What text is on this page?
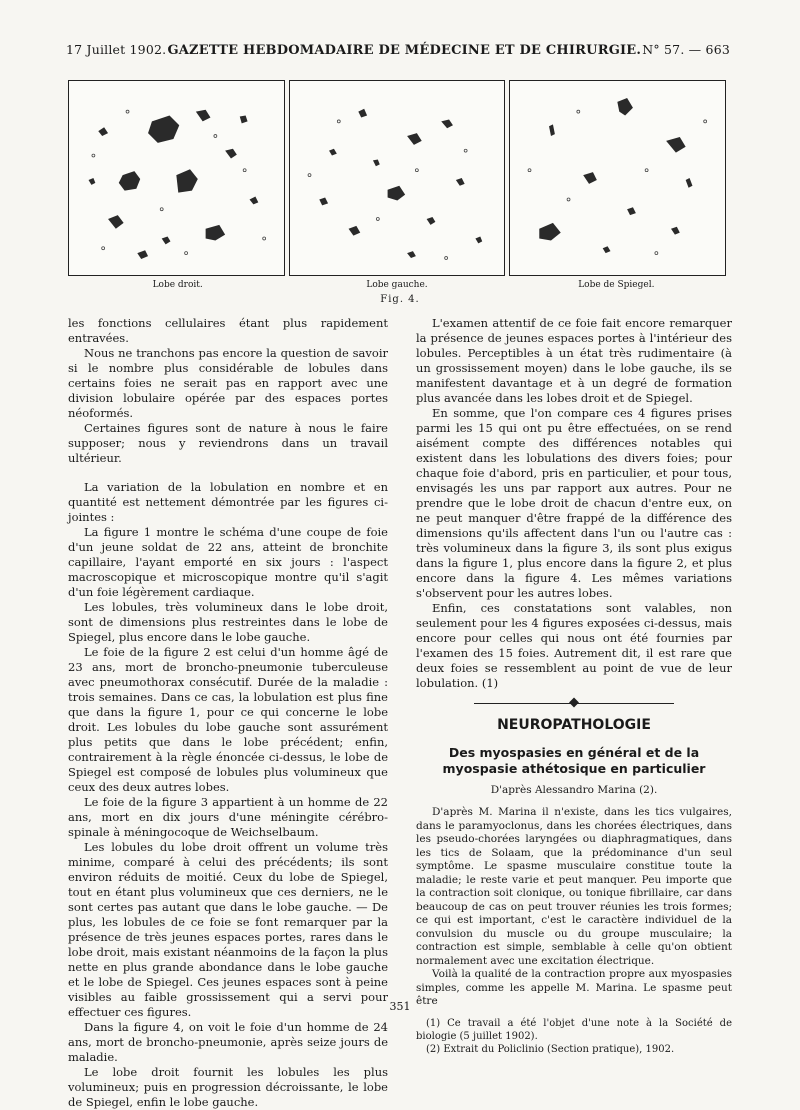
17 Juillet 1902. GAZETTE HEBDOMADAIRE DE MÉDECINE ET DE CHIRURGIE. N° 57. — 663
Lobe droit.	Lobe gauche.	Lobe de Spiegel.
Fig. 4.

les fonctions cellulaires étant plus rapidement entravées.

Nous ne tranchons pas encore la question de savoir si le nombre plus considérable de lobules dans certains foies ne serait pas en rapport avec une division lobulaire opérée par des espaces portes néoformés.

Certaines figures sont de nature à nous le faire supposer; nous y reviendrons dans un travail ultérieur.

La variation de la lobulation en nombre et en quantité est nettement démontrée par les figures ci-jointes :

La figure 1 montre le schéma d'une coupe de foie d'un jeune soldat de 22 ans, atteint de bronchite capillaire, l'ayant emporté en six jours : l'aspect macroscopique et microscopique montre qu'il s'agit d'un foie légèrement cardiaque.

Les lobules, très volumineux dans le lobe droit, sont de dimensions plus restreintes dans le lobe de Spiegel, plus encore dans le lobe gauche.

Le foie de la figure 2 est celui d'un homme âgé de 23 ans, mort de broncho-pneumonie tuberculeuse avec pneumothorax consécutif. Durée de la maladie : trois semaines. Dans ce cas, la lobulation est plus fine que dans la figure 1, pour ce qui concerne le lobe droit. Les lobules du lobe gauche sont assurément plus petits que dans le lobe précédent; enfin, contrairement à la règle énoncée ci-dessus, le lobe de Spiegel est composé de lobules plus volumineux que ceux des deux autres lobes.

Le foie de la figure 3 appartient à un homme de 22 ans, mort en dix jours d'une méningite cérébro-spinale à méningocoque de Weichselbaum.

Les lobules du lobe droit offrent un volume très minime, comparé à celui des précédents; ils sont environ réduits de moitié. Ceux du lobe de Spiegel, tout en étant plus volumineux que ces derniers, ne le sont certes pas autant que dans le lobe gauche. — De plus, les lobules de ce foie se font remarquer par la présence de très jeunes espaces portes, rares dans le lobe droit, mais existant néanmoins de la façon la plus nette en plus grande abondance dans le lobe gauche et le lobe de Spiegel. Ces jeunes espaces sont à peine visibles au faible grossissement qui a servi pour effectuer ces figures.

Dans la figure 4, on voit le foie d'un homme de 24 ans, mort de broncho-pneumonie, après seize jours de maladie.

Le lobe droit fournit les lobules les plus volumineux; puis en progression décroissante, le lobe de Spiegel, enfin le lobe gauche.

L'examen attentif de ce foie fait encore remarquer la présence de jeunes espaces portes à l'intérieur des lobules. Perceptibles à un état très rudimentaire (à un grossissement moyen) dans le lobe gauche, ils se manifestent davantage et à un degré de formation plus avancée dans les lobes droit et de Spiegel.

En somme, que l'on compare ces 4 figures prises parmi les 15 qui ont pu être effectuées, on se rend aisément compte des différences notables qui existent dans les lobulations des divers foies; pour chaque foie d'abord, pris en particulier, et pour tous, envisagés les uns par rapport aux autres. Pour ne prendre que le lobe droit de chacun d'entre eux, on ne peut manquer d'être frappé de la différence des dimensions qu'ils affectent dans l'un ou l'autre cas : très volumineux dans la figure 3, ils sont plus exigus dans la figure 1, plus encore dans la figure 2, et plus encore dans la figure 4. Les mêmes variations s'observent pour les autres lobes.

Enfin, ces constatations sont valables, non seulement pour les 4 figures exposées ci-dessus, mais encore pour celles qui nous ont été fournies par l'examen des 15 foies. Autrement dit, il est rare que deux foies se ressemblent au point de vue de leur lobulation. (1)

NEUROPATHOLOGIE
Des myospasies en général et de la myospasie athétosique en particulier
D'après Alessandro Marina (2).

D'après M. Marina il n'existe, dans les tics vulgaires, dans le paramyoclonus, dans les chorées électriques, dans les pseudo-chorées laryngées ou diaphragmatiques, dans les tics de Solaam, que la prédominance d'un seul symptôme. Le spasme musculaire constitue toute la maladie; le reste varie et peut manquer. Peu importe que la contraction soit clonique, ou tonique fibrillaire, car dans beaucoup de cas on peut trouver réunies les trois formes; ce qui est important, c'est le caractère individuel de la convulsion du muscle ou du groupe musculaire; la contraction est simple, semblable à celle qu'on obtient normalement avec une excitation électrique.

Voilà la qualité de la contraction propre aux myospasies simples, comme les appelle M. Marina. Le spasme peut être

(1) Ce travail a été l'objet d'une note à la Société de biologie (5 juillet 1902).

(2) Extrait du Policlinio (Section pratique), 1902.

351
